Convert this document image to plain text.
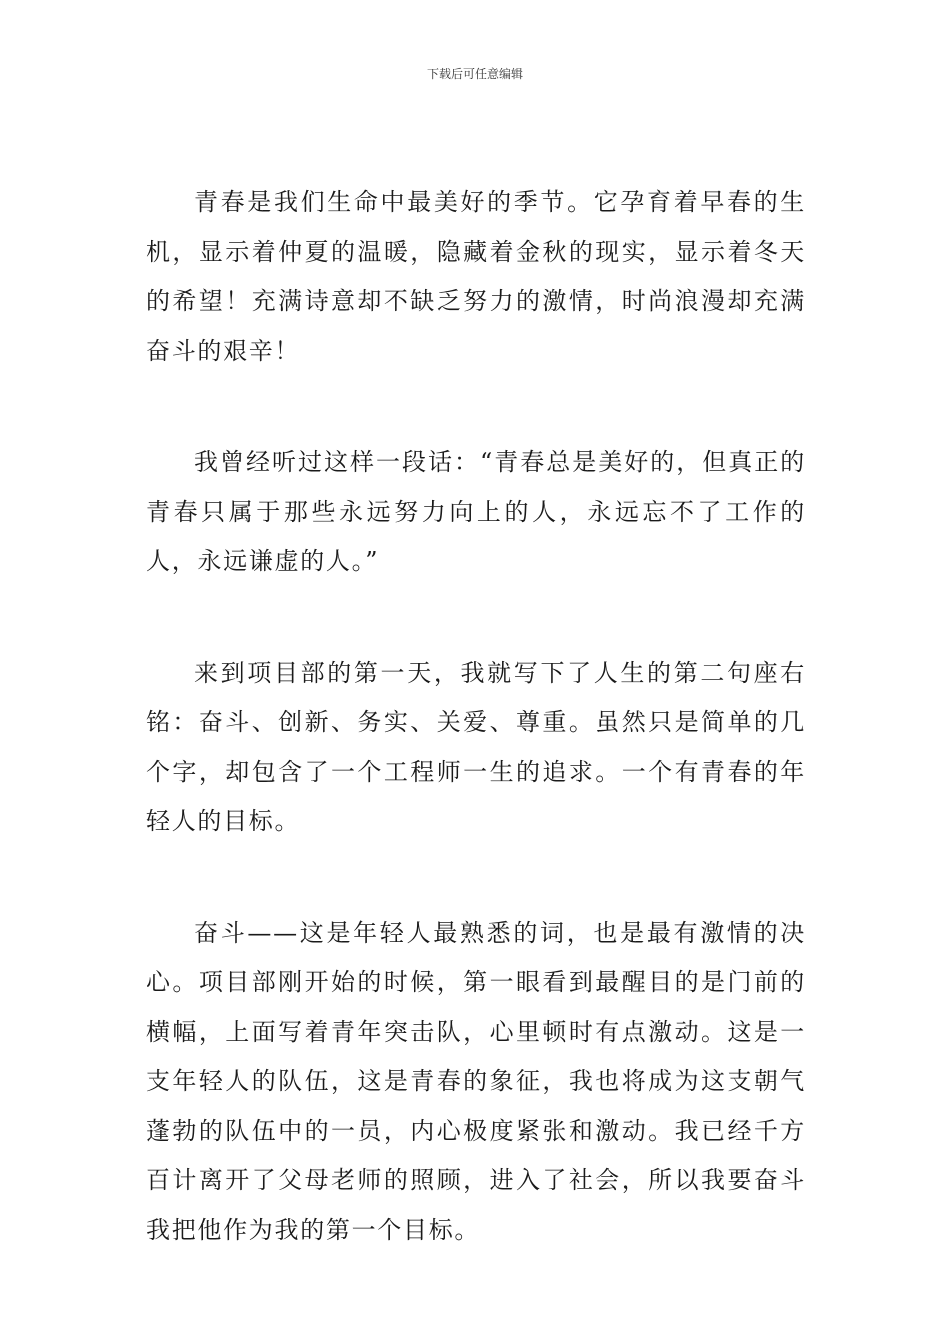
下载后可任意编辑

青春是我们生命中最美好的季节。它孕育着早春的生机，显示着仲夏的温暖，隐藏着金秋的现实，显示着冬天的希望！充满诗意却不缺乏努力的激情，时尚浪漫却充满奋斗的艰辛！

我曾经听过这样一段话：“青春总是美好的，但真正的青春只属于那些永远努力向上的人，永远忘不了工作的人，永远谦虚的人。”

来到项目部的第一天，我就写下了人生的第二句座右铭：奋斗、创新、务实、关爱、尊重。虽然只是简单的几个字，却包含了一个工程师一生的追求。一个有青春的年轻人的目标。

奋斗——这是年轻人最熟悉的词，也是最有激情的决心。项目部刚开始的时候，第一眼看到最醒目的是门前的横幅，上面写着青年突击队，心里顿时有点激动。这是一支年轻人的队伍，这是青春的象征，我也将成为这支朝气蓬勃的队伍中的一员，内心极度紧张和激动。我已经千方百计离开了父母老师的照顾，进入了社会，所以我要奋斗我把他作为我的第一个目标。
